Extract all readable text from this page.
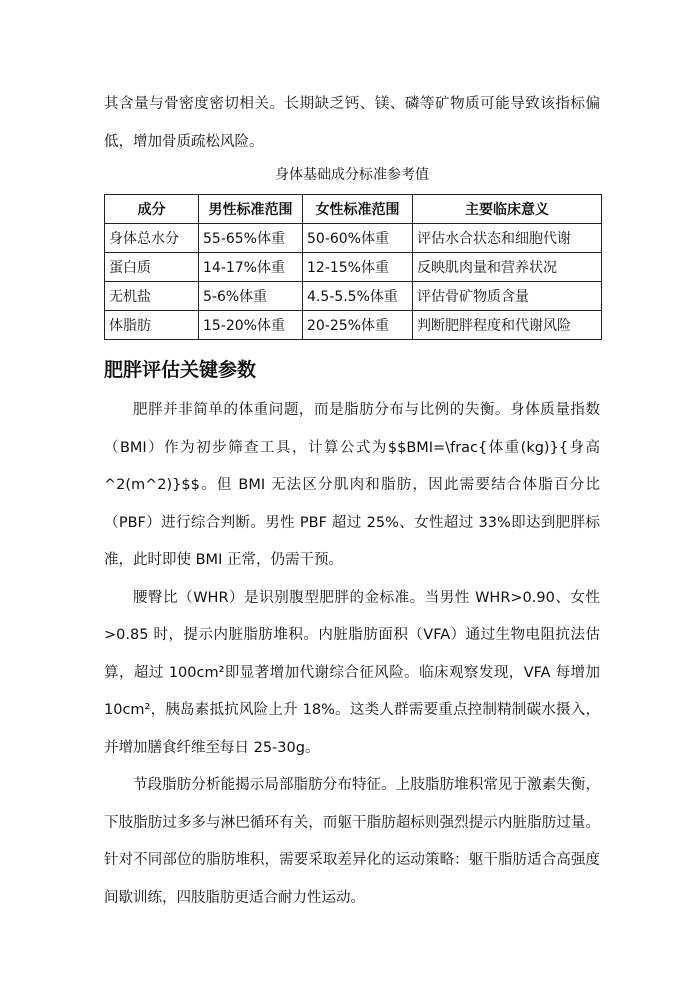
其含量与骨密度密切相关。长期缺乏钙、镁、磷等矿物质可能导致该指标偏低，增加骨质疏松风险。

身体基础成分标准参考值
成分	男性标准范围	女性标准范围	主要临床意义
身体总水分	55-65%体重	50-60%体重	评估水合状态和细胞代谢
蛋白质	14-17%体重	12-15%体重	反映肌肉量和营养状况
无机盐	5-6%体重	4.5-5.5%体重	评估骨矿物质含量
体脂肪	15-20%体重	20-25%体重	判断肥胖程度和代谢风险
肥胖评估关键参数

肥胖并非简单的体重问题，而是脂肪分布与比例的失衡。身体质量指数（BMI）作为初步筛查工具，计算公式为$$BMI=\frac{体重(kg)}{身高^2(m^2)}$$。但 BMI 无法区分肌肉和脂肪，因此需要结合体脂百分比（PBF）进行综合判断。男性 PBF 超过 25%、女性超过 33%即达到肥胖标准，此时即使 BMI 正常，仍需干预。

腰臀比（WHR）是识别腹型肥胖的金标准。当男性 WHR>0.90、女性>0.85 时，提示内脏脂肪堆积。内脏脂肪面积（VFA）通过生物电阻抗法估算，超过 100cm²即显著增加代谢综合征风险。临床观察发现，VFA 每增加 10cm²，胰岛素抵抗风险上升 18%。这类人群需要重点控制精制碳水摄入，并增加膳食纤维至每日 25-30g。

节段脂肪分析能揭示局部脂肪分布特征。上肢脂肪堆积常见于激素失衡，下肢脂肪过多多与淋巴循环有关，而躯干脂肪超标则强烈提示内脏脂肪过量。针对不同部位的脂肪堆积，需要采取差异化的运动策略：躯干脂肪适合高强度间歇训练，四肢脂肪更适合耐力性运动。
